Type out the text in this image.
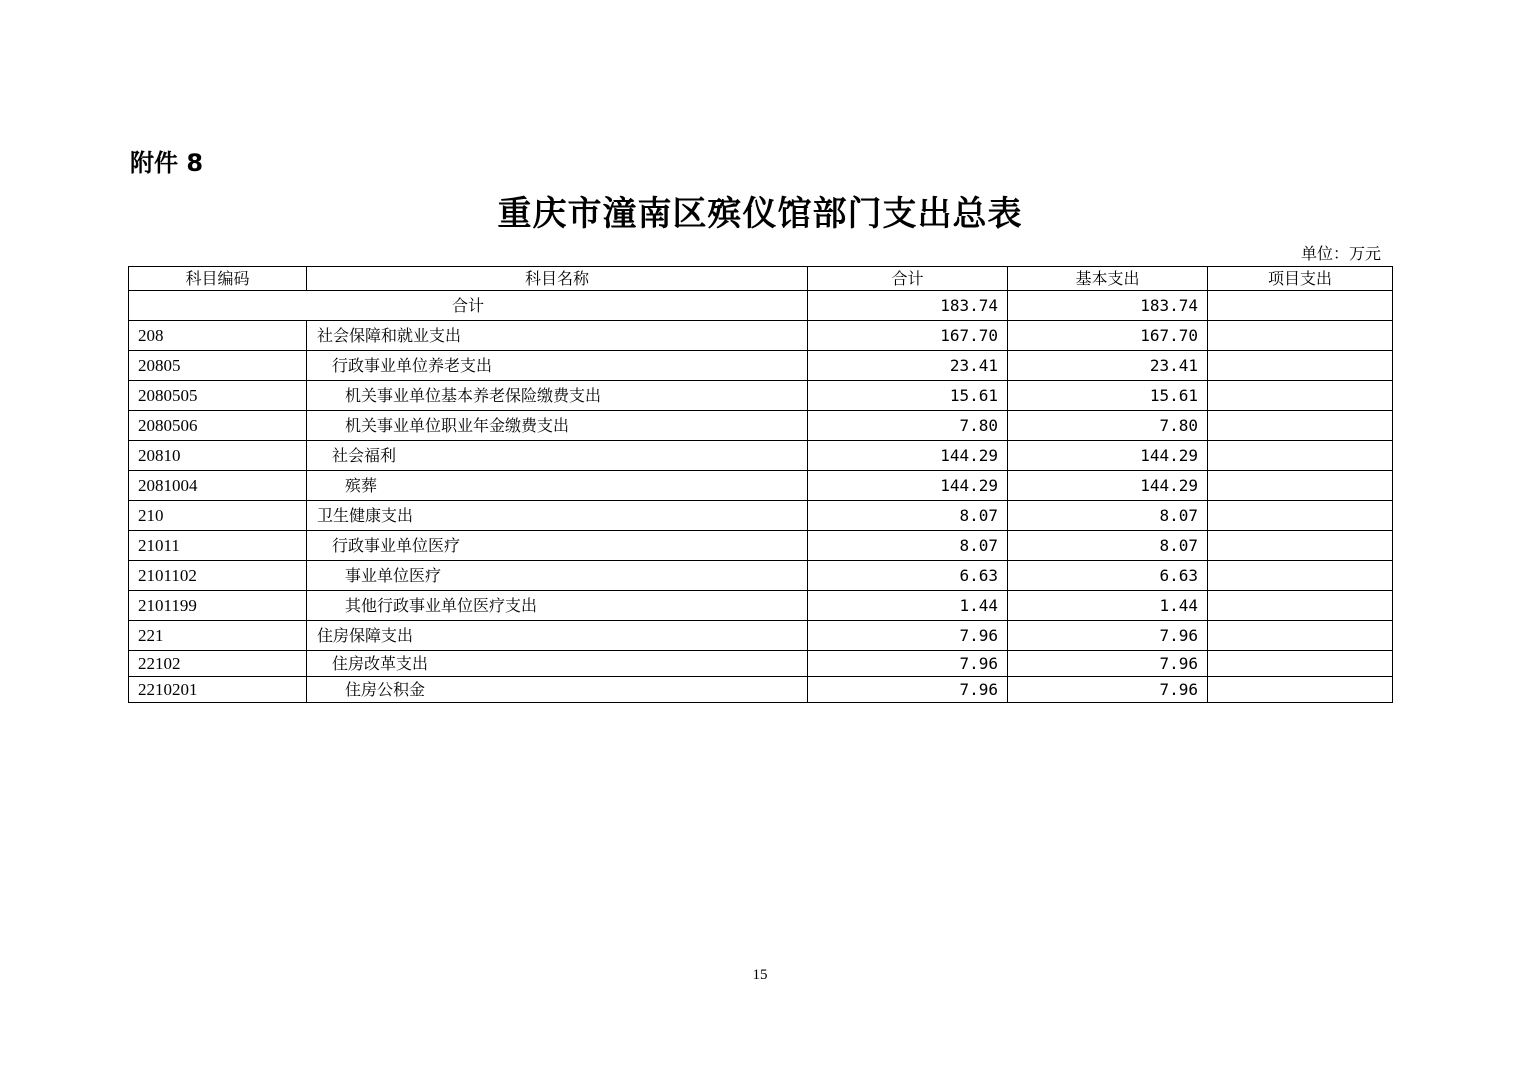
附件 8
重庆市潼南区殡仪馆部门支出总表
单位：万元
科目编码	科目名称	合计	基本支出	项目支出
合计		183.74	183.74	
208	社会保障和就业支出	167.70	167.70	
20805	行政事业单位养老支出	23.41	23.41	
2080505	机关事业单位基本养老保险缴费支出	15.61	15.61	
2080506	机关事业单位职业年金缴费支出	7.80	7.80	
20810	社会福利	144.29	144.29	
2081004	殡葬	144.29	144.29	
210	卫生健康支出	8.07	8.07	
21011	行政事业单位医疗	8.07	8.07	
2101102	事业单位医疗	6.63	6.63	
2101199	其他行政事业单位医疗支出	1.44	1.44	
221	住房保障支出	7.96	7.96	
22102	住房改革支出	7.96	7.96	
2210201	住房公积金	7.96	7.96	
15
